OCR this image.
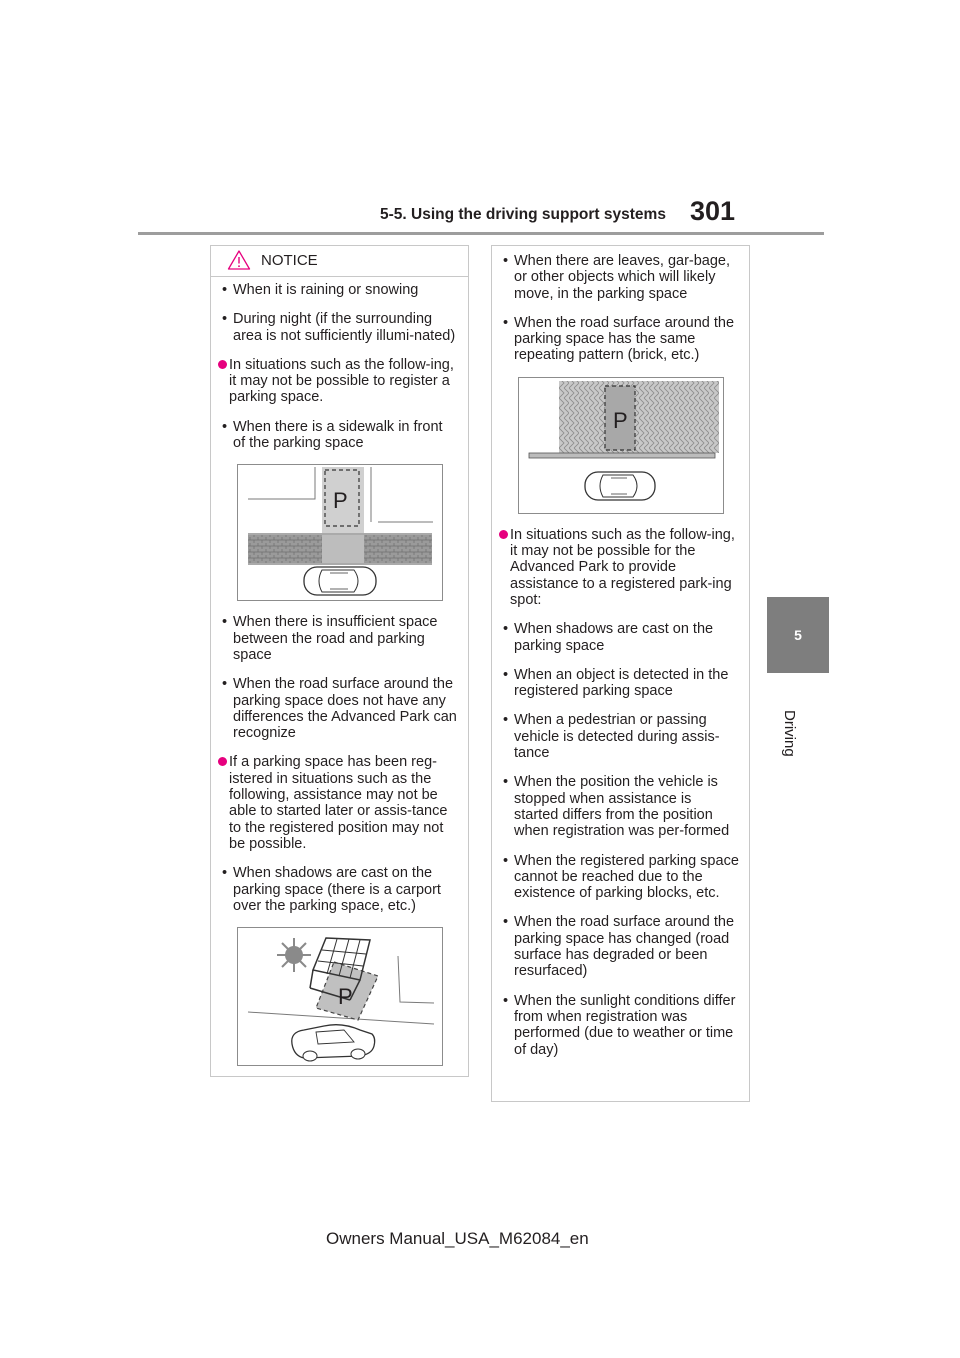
5-5. Using the driving support systems 301
5
Driving
NOTICE
• When it is raining or snowing
• During night (if the surrounding area is not sufficiently illumi-nated)
In situations such as the follow-ing, it may not be possible to register a parking space.
• When there is a sidewalk in front of the parking space
P
• When there is insufficient space between the road and parking space
• When the road surface around the parking space does not have any differences the Advanced Park can recognize
If a parking space has been reg-istered in situations such as the following, assistance may not be able to started later or assis-tance to the registered position may not be possible.
• When shadows are cast on the parking space (there is a carport over the parking space, etc.)
P
• When there are leaves, gar-bage, or other objects which will likely move, in the parking space
• When the road surface around the parking space has the same repeating pattern (brick, etc.)
P
In situations such as the follow-ing, it may not be possible for the Advanced Park to provide assistance to a registered park-ing spot:
• When shadows are cast on the parking space
• When an object is detected in the registered parking space
• When a pedestrian or passing vehicle is detected during assis-tance
• When the position the vehicle is stopped when assistance is started differs from the position when registration was per-formed
• When the registered parking space cannot be reached due to the existence of parking blocks, etc.
• When the road surface around the parking space has changed (road surface has degraded or been resurfaced)
• When the sunlight conditions differ from when registration was performed (due to weather or time of day)
Owners Manual_USA_M62084_en
